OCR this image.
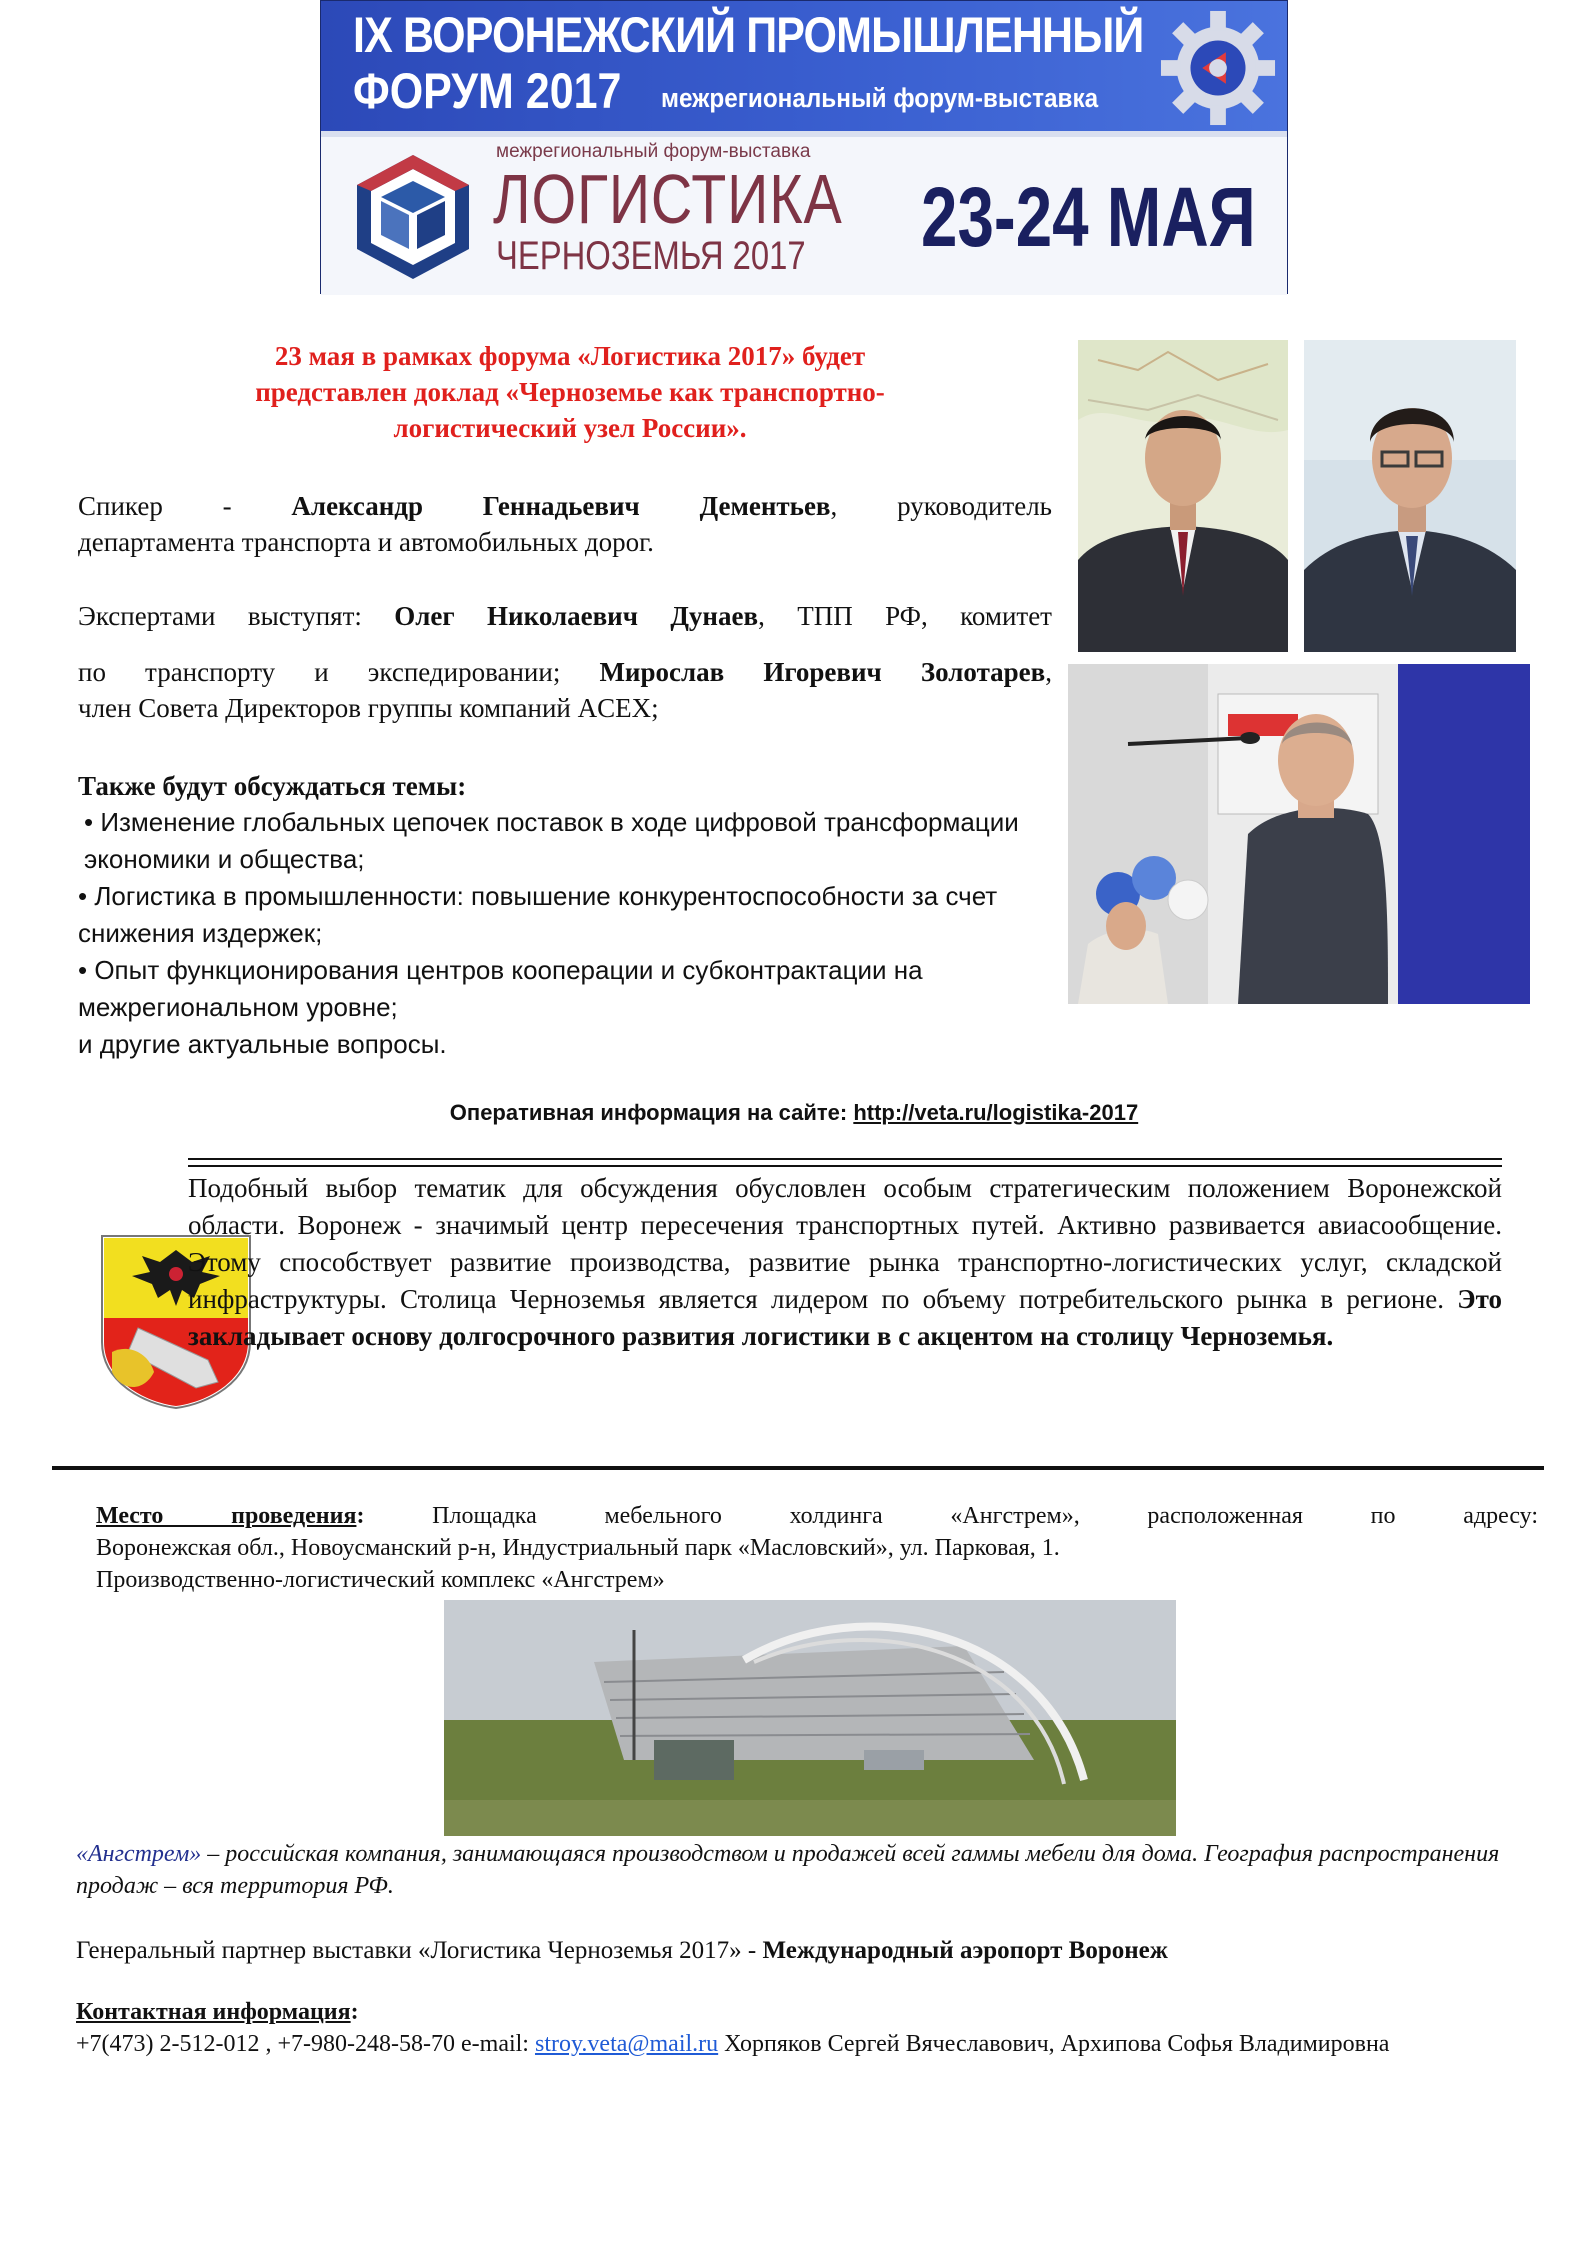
IX ВОРОНЕЖСКИЙ ПРОМЫШЛЕННЫЙ
ФОРУМ 2017 межрегиональный форум-выставка
межрегиональный форум-выставка
ЛОГИСТИКА
ЧЕРНОЗЕМЬЯ 2017 23-24 МАЯ
23 мая в рамках форума «Логистика 2017» будет
представлен доклад «Черноземье как транспортно-
логистический узел России».
Спикер - Александр Геннадьевич Дементьев, руководитель
департамента транспорта и автомобильных дорог.
Экспертами выступят: Олег Николаевич Дунаев, ТПП РФ, комитет
по транспорту и экспедировании; Мирослав Игоревич Золотарев,
член Совета Директоров группы компаний ACEX;
Также будут обсуждаться темы:
• Изменение глобальных цепочек поставок в ходе цифровой трансформации экономики и общества;
• Логистика в промышленности: повышение конкурентоспособности за счет снижения издержек;
• Опыт функционирования центров кооперации и субконтрактации на межрегиональном уровне;
и другие актуальные вопросы.
Оперативная информация на сайте: http://veta.ru/logistika-2017
Подобный выбор тематик для обсуждения обусловлен особым стратегическим положением Воронежской области. Воронеж - значимый центр пересечения транспортных путей. Активно развивается авиасообщение. Этому способствует развитие производства, развитие рынка транспортно-логистических услуг, складской инфраструктуры. Столица Черноземья является лидером по объему потребительского рынка в регионе. Это закладывает основу долгосрочного развития логистики в с акцентом на столицу Черноземья.
Место проведения: Площадка мебельного холдинга «Ангстрем», расположенная по адресу:
Воронежская обл., Новоусманский р-н, Индустриальный парк «Масловский», ул. Парковая, 1.
Производственно-логистический комплекс «Ангстрем»
«Ангстрем» – российская компания, занимающаяся производством и продажей всей гаммы мебели для дома. География распространения продаж – вся территория РФ.
Генеральный партнер выставки «Логистика Черноземья 2017» - Международный аэропорт Воронеж
Контактная информация:
+7(473) 2-512-012 , +7-980-248-58-70 e-mail: stroy.veta@mail.ru Хорпяков Сергей Вячеславович, Архипова Софья Владимировна
